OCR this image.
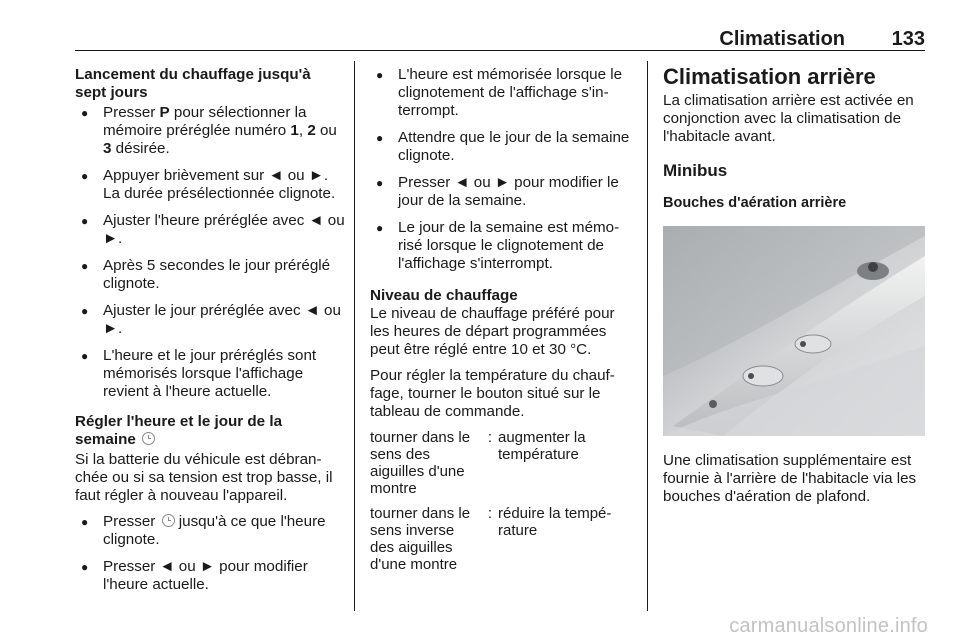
Climatisation 133

Lancement du chauffage jusqu'à sept jours

● Presser P pour sélectionner la mémoire préréglée numéro 1, 2 ou 3 désirée.
● Appuyer brièvement sur ◄ ou ►. La durée présélectionnée clignote.
● Ajuster l'heure préréglée avec ◄ ou ►.
● Après 5 secondes le jour préréglé clignote.
● Ajuster le jour préréglée avec ◄ ou ►.
● L'heure et le jour préréglés sont mémorisés lorsque l'affichage revient à l'heure actuelle.

Régler l'heure et le jour de la semaine

Si la batterie du véhicule est débranchée ou si sa tension est trop basse, il faut régler à nouveau l'appareil.

● Presser  jusqu'à ce que l'heure clignote.
● Presser ◄ ou ► pour modifier l'heure actuelle.
● L'heure est mémorisée lorsque le clignotement de l'affichage s'interrompt.
● Attendre que le jour de la semaine clignote.
● Presser ◄ ou ► pour modifier le jour de la semaine.
● Le jour de la semaine est mémorisé lorsque le clignotement de l'affichage s'interrompt.

Niveau de chauffage

Le niveau de chauffage préféré pour les heures de départ programmées peut être réglé entre 10 et 30 °C.

Pour régler la température du chauffage, tourner le bouton situé sur le tableau de commande.

tourner dans le sens des aiguilles d'une montre	:	augmenter la température
tourner dans le sens inverse des aiguilles d'une montre	:	réduire la température
Climatisation arrière

La climatisation arrière est activée en conjonction avec la climatisation de l'habitacle avant.

Minibus
Bouches d'aération arrière

Une climatisation supplémentaire est fournie à l'arrière de l'habitacle via les bouches d'aération de plafond.

carmanualsonline.info
